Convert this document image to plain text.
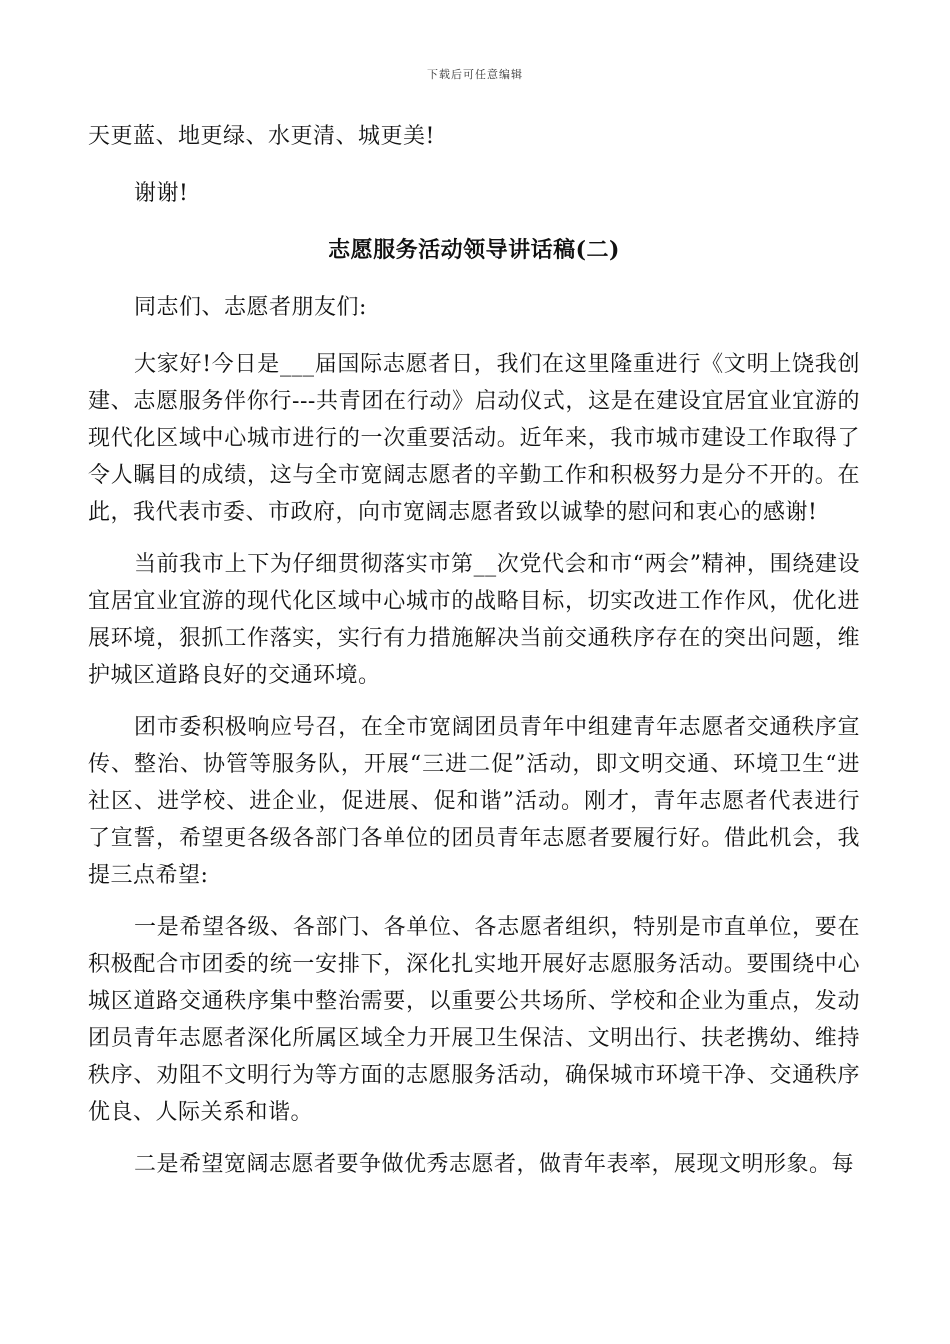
下载后可任意编辑

天更蓝、地更绿、水更清、城更美!

谢谢!

志愿服务活动领导讲话稿(二)

同志们、志愿者朋友们:

大家好!今日是___届国际志愿者日，我们在这里隆重进行《文明上饶我创建、志愿服务伴你行---共青团在行动》启动仪式，这是在建设宜居宜业宜游的现代化区域中心城市进行的一次重要活动。近年来，我市城市建设工作取得了令人瞩目的成绩，这与全市宽阔志愿者的辛勤工作和积极努力是分不开的。在此，我代表市委、市政府，向市宽阔志愿者致以诚挚的慰问和衷心的感谢!

当前我市上下为仔细贯彻落实市第__次党代会和市“两会”精神，围绕建设宜居宜业宜游的现代化区域中心城市的战略目标，切实改进工作作风，优化进展环境，狠抓工作落实，实行有力措施解决当前交通秩序存在的突出问题，维护城区道路良好的交通环境。

团市委积极响应号召，在全市宽阔团员青年中组建青年志愿者交通秩序宣传、整治、协管等服务队，开展“三进二促”活动，即文明交通、环境卫生“进社区、进学校、进企业，促进展、促和谐”活动。刚才，青年志愿者代表进行了宣誓，希望更各级各部门各单位的团员青年志愿者要履行好。借此机会，我提三点希望:

一是希望各级、各部门、各单位、各志愿者组织，特别是市直单位，要在积极配合市团委的统一安排下，深化扎实地开展好志愿服务活动。要围绕中心城区道路交通秩序集中整治需要，以重要公共场所、学校和企业为重点，发动团员青年志愿者深化所属区域全力开展卫生保洁、文明出行、扶老携幼、维持秩序、劝阻不文明行为等方面的志愿服务活动，确保城市环境干净、交通秩序优良、人际关系和谐。

二是希望宽阔志愿者要争做优秀志愿者，做青年表率，展现文明形象。每
